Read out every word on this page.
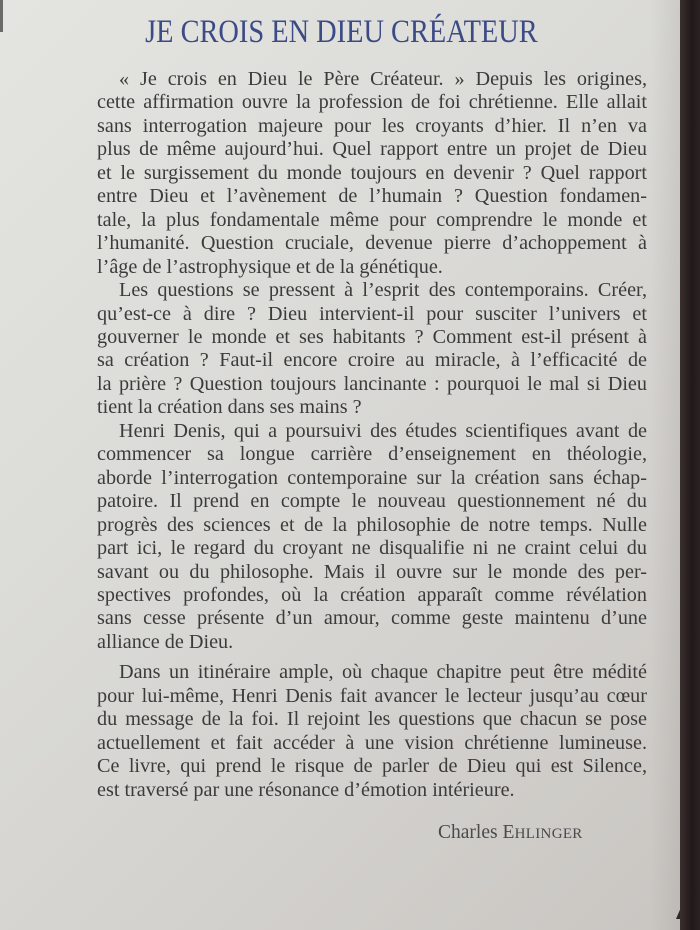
JE CROIS EN DIEU CRÉATEUR

« Je crois en Dieu le Père Créateur. » Depuis les origines,
cette affirmation ouvre la profession de foi chrétienne. Elle allait
sans interrogation majeure pour les croyants d’hier. Il n’en va
plus de même aujourd’hui. Quel rapport entre un projet de Dieu
et le surgissement du monde toujours en devenir ? Quel rapport
entre Dieu et l’avènement de l’humain ? Question fondamen-
tale, la plus fondamentale même pour comprendre le monde et
l’humanité. Question cruciale, devenue pierre d’achoppement à
l’âge de l’astrophysique et de la génétique.

Les questions se pressent à l’esprit des contemporains. Créer,
qu’est-ce à dire ? Dieu intervient-il pour susciter l’univers et
gouverner le monde et ses habitants ? Comment est-il présent à
sa création ? Faut-il encore croire au miracle, à l’efficacité de
la prière ? Question toujours lancinante : pourquoi le mal si Dieu
tient la création dans ses mains ?

Henri Denis, qui a poursuivi des études scientifiques avant de
commencer sa longue carrière d’enseignement en théologie,
aborde l’interrogation contemporaine sur la création sans échap-
patoire. Il prend en compte le nouveau questionnement né du
progrès des sciences et de la philosophie de notre temps. Nulle
part ici, le regard du croyant ne disqualifie ni ne craint celui du
savant ou du philosophe. Mais il ouvre sur le monde des per-
spectives profondes, où la création apparaît comme révélation
sans cesse présente d’un amour, comme geste maintenu d’une
alliance de Dieu.

Dans un itinéraire ample, où chaque chapitre peut être médité
pour lui-même, Henri Denis fait avancer le lecteur jusqu’au cœur
du message de la foi. Il rejoint les questions que chacun se pose
actuellement et fait accéder à une vision chrétienne lumineuse.
Ce livre, qui prend le risque de parler de Dieu qui est Silence,
est traversé par une résonance d’émotion intérieure.

Charles EHLINGER
